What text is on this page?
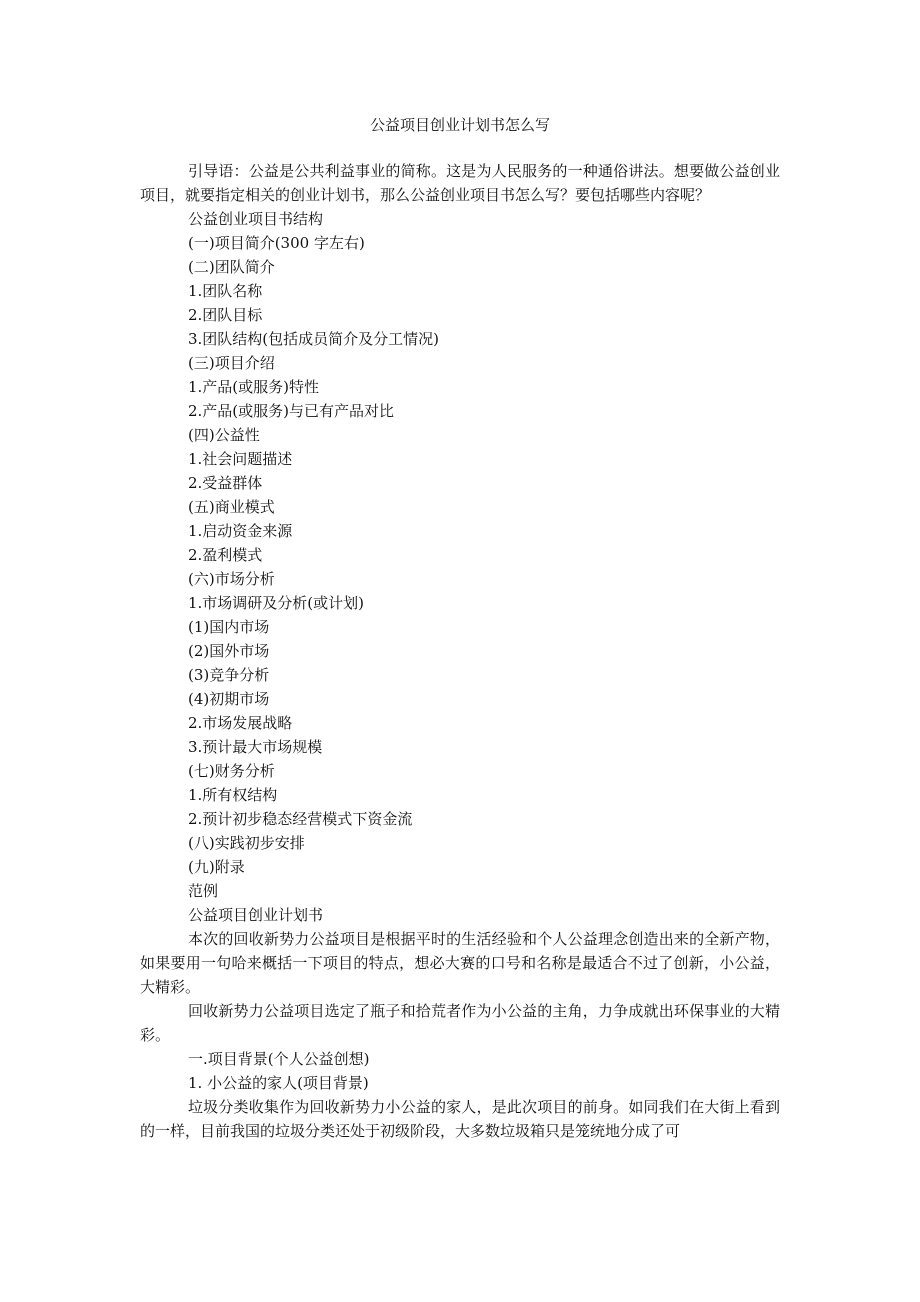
公益项目创业计划书怎么写

引导语：公益是公共利益事业的简称。这是为人民服务的一种通俗讲法。想要做公益创业项目，就要指定相关的创业计划书，那么公益创业项目书怎么写？要包括哪些内容呢？

公益创业项目书结构

(一)项目简介(300 字左右)

(二)团队简介

1.团队名称

2.团队目标

3.团队结构(包括成员简介及分工情况)

(三)项目介绍

1.产品(或服务)特性

2.产品(或服务)与已有产品对比

(四)公益性

1.社会问题描述

2.受益群体

(五)商业模式

1.启动资金来源

2.盈利模式

(六)市场分析

1.市场调研及分析(或计划)

(1)国内市场

(2)国外市场

(3)竞争分析

(4)初期市场

2.市场发展战略

3.预计最大市场规模

(七)财务分析

1.所有权结构

2.预计初步稳态经营模式下资金流

(八)实践初步安排

(九)附录

范例

公益项目创业计划书

本次的回收新势力公益项目是根据平时的生活经验和个人公益理念创造出来的全新产物，如果要用一句哈来概括一下项目的特点，想必大赛的口号和名称是最适合不过了创新，小公益，大精彩。

回收新势力公益项目选定了瓶子和拾荒者作为小公益的主角，力争成就出环保事业的大精彩。

一.项目背景(个人公益创想)

1. 小公益的家人(项目背景)

垃圾分类收集作为回收新势力小公益的家人，是此次项目的前身。如同我们在大街上看到的一样，目前我国的垃圾分类还处于初级阶段，大多数垃圾箱只是笼统地分成了可
